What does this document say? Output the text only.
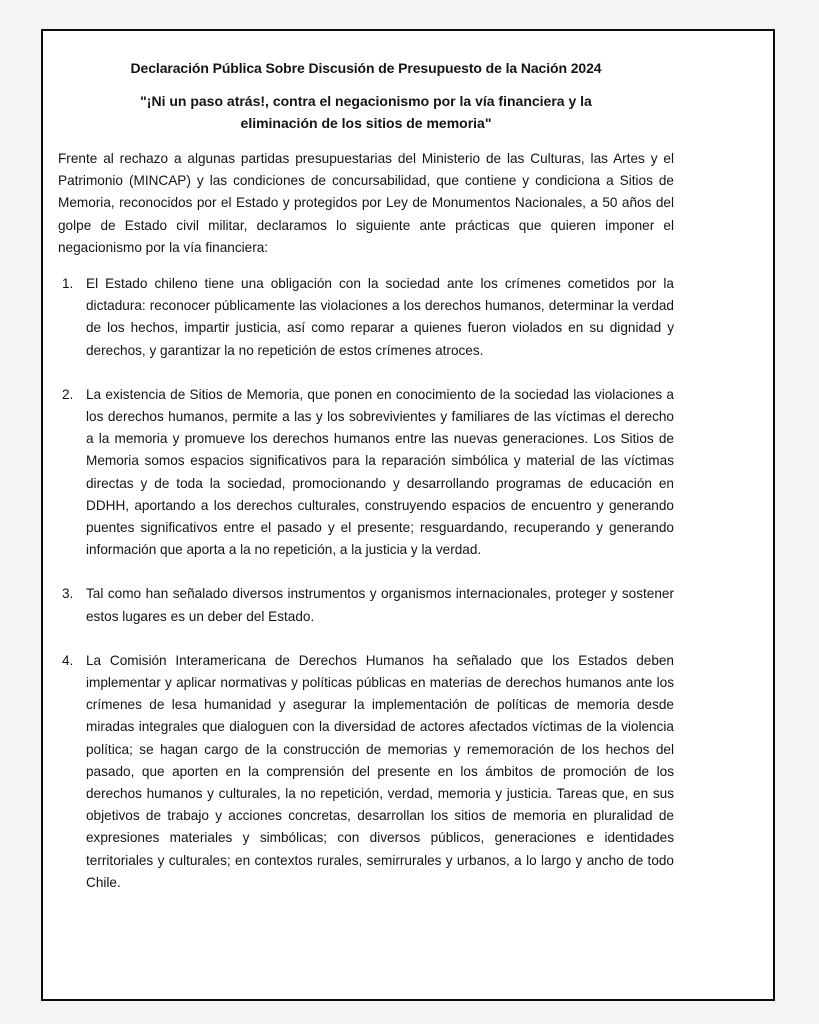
Declaración Pública Sobre Discusión de Presupuesto de la Nación 2024
"¡Ni un paso atrás!, contra el negacionismo por la vía financiera y la eliminación de los sitios de memoria"

Frente al rechazo a algunas partidas presupuestarias del Ministerio de las Culturas, las Artes y el Patrimonio (MINCAP) y las condiciones de concursabilidad, que contiene y condiciona a Sitios de Memoria, reconocidos por el Estado y protegidos por Ley de Monumentos Nacionales, a 50 años del golpe de Estado civil militar, declaramos lo siguiente ante prácticas que quieren imponer el negacionismo por la vía financiera:

1. El Estado chileno tiene una obligación con la sociedad ante los crímenes cometidos por la dictadura: reconocer públicamente las violaciones a los derechos humanos, determinar la verdad de los hechos, impartir justicia, así como reparar a quienes fueron violados en su dignidad y derechos, y garantizar la no repetición de estos crímenes atroces.
2. La existencia de Sitios de Memoria, que ponen en conocimiento de la sociedad las violaciones a los derechos humanos, permite a las y los sobrevivientes y familiares de las víctimas el derecho a la memoria y promueve los derechos humanos entre las nuevas generaciones. Los Sitios de Memoria somos espacios significativos para la reparación simbólica y material de las víctimas directas y de toda la sociedad, promocionando y desarrollando programas de educación en DDHH, aportando a los derechos culturales, construyendo espacios de encuentro y generando puentes significativos entre el pasado y el presente; resguardando, recuperando y generando información que aporta a la no repetición, a la justicia y la verdad.
3. Tal como han señalado diversos instrumentos y organismos internacionales, proteger y sostener estos lugares es un deber del Estado.
4. La Comisión Interamericana de Derechos Humanos ha señalado que los Estados deben implementar y aplicar normativas y políticas públicas en materias de derechos humanos ante los crímenes de lesa humanidad y asegurar la implementación de políticas de memoria desde miradas integrales que dialoguen con la diversidad de actores afectados víctimas de la violencia política; se hagan cargo de la construcción de memorias y rememoración de los hechos del pasado, que aporten en la comprensión del presente en los ámbitos de promoción de los derechos humanos y culturales, la no repetición, verdad, memoria y justicia. Tareas que, en sus objetivos de trabajo y acciones concretas, desarrollan los sitios de memoria en pluralidad de expresiones materiales y simbólicas; con diversos públicos, generaciones e identidades territoriales y culturales; en contextos rurales, semirrurales y urbanos, a lo largo y ancho de todo Chile.
